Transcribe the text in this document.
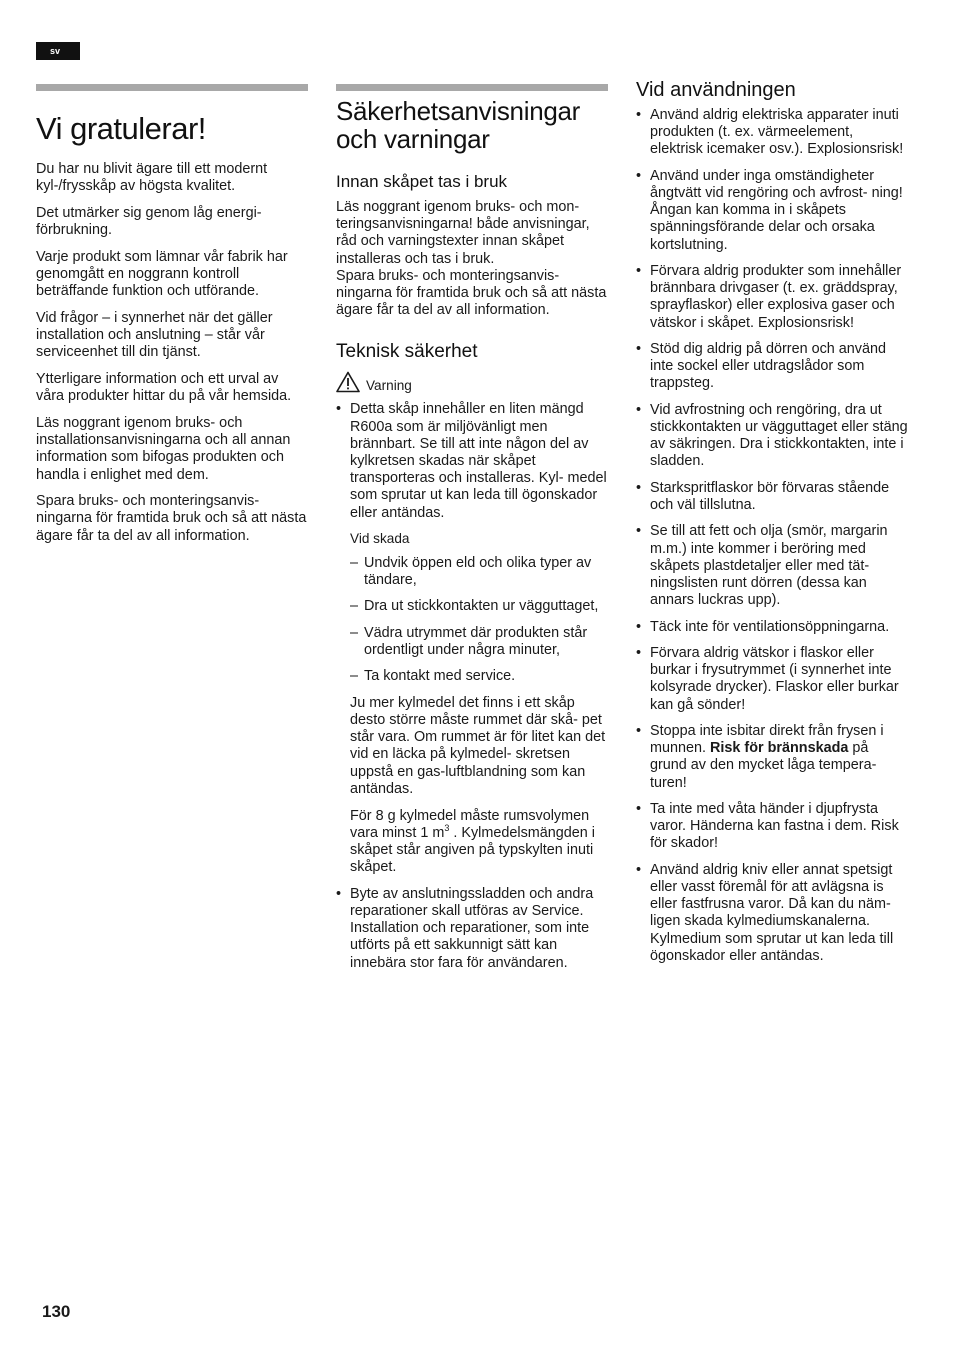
sv
Vi gratulerar!

Du har nu blivit ägare till ett modernt kyl-/frysskåp av högsta kvalitet.

Det utmärker sig genom låg energi- förbrukning.

Varje produkt som lämnar vår fabrik har genomgått en noggrann kontroll beträffande funktion och utförande.

Vid frågor – i synnerhet när det gäller installation och anslutning – står vår serviceenhet till din tjänst.

Ytterligare information och ett urval av våra produkter hittar du på vår hemsida.

Läs noggrant igenom bruks- och installationsanvisningarna och all annan information som bifogas produkten och handla i enlighet med dem.

Spara bruks- och monteringsanvis- ningarna för framtida bruk och så att nästa ägare får ta del av all information.

Säkerhetsanvisningar och varningar
Innan skåpet tas i bruk

Läs noggrant igenom bruks- och mon- teringsanvisningarna! både anvisningar, råd och varningstexter innan skåpet installeras och tas i bruk.

Spara bruks- och monteringsanvis- ningarna för framtida bruk och så att nästa ägare får ta del av all information.

Teknisk säkerhet
Varning
• Detta skåp innehåller en liten mängd R600a som är miljövänligt men brännbart. Se till att inte någon del av kylkretsen skadas när skåpet transporteras och installeras. Kyl- medel som sprutar ut kan leda till ögonskador eller antändas.
Vid skada
– Undvik öppen eld och olika typer av tändare,
– Dra ut stickkontakten ur vägguttaget,
– Vädra utrymmet där produkten står ordentligt under några minuter,
– Ta kontakt med service.

Ju mer kylmedel det finns i ett skåp desto större måste rummet där skå- pet står vara. Om rummet är för litet kan det vid en läcka på kylmedel- skretsen uppstå en gas-luftblandning som kan antändas.

För 8 g kylmedel måste rumsvolymen vara minst 1 $m^3$ . Kylmedelsmängden i skåpet står angiven på typskylten inuti skåpet.

• Byte av anslutningssladden och andra reparationer skall utföras av Service. Installation och reparationer, som inte utförts på ett sakkunnigt sätt kan innebära stor fara för användaren.
Vid användningen
• Använd aldrig elektriska apparater inuti produkten (t. ex. värmeelement, elektrisk icemaker osv.). Explosionsrisk!
• Använd under inga omständigheter ångtvätt vid rengöring och avfrost- ning! Ångan kan komma in i skåpets spänningsförande delar och orsaka kortslutning.
• Förvara aldrig produkter som innehåller brännbara drivgaser (t. ex. gräddspray, sprayflaskor) eller explosiva gaser och vätskor i skåpet. Explosionsrisk!
• Stöd dig aldrig på dörren och använd inte sockel eller utdragslådor som trappsteg.
• Vid avfrostning och rengöring, dra ut stickkontakten ur vägguttaget eller stäng av säkringen. Dra i stickkontakten, inte i sladden.
• Starkspritflaskor bör förvaras stående och väl tillslutna.
• Se till att fett och olja (smör, margarin m.m.) inte kommer i beröring med skåpets plastdetaljer eller med tät- ningslisten runt dörren (dessa kan annars luckras upp).
• Täck inte för ventilationsöppningarna.
• Förvara aldrig vätskor i flaskor eller burkar i frysutrymmet (i synnerhet inte kolsyrade drycker). Flaskor eller burkar kan gå sönder!
• Stoppa inte isbitar direkt från frysen i munnen. Risk för brännskada på grund av den mycket låga tempera- turen!
• Ta inte med våta händer i djupfrysta varor. Händerna kan fastna i dem. Risk för skador!
• Använd aldrig kniv eller annat spetsigt eller vasst föremål för att avlägsna is eller fastfrusna varor. Då kan du näm- ligen skada kylmediumskanalerna. Kylmedium som sprutar ut kan leda till ögonskador eller antändas.
130
